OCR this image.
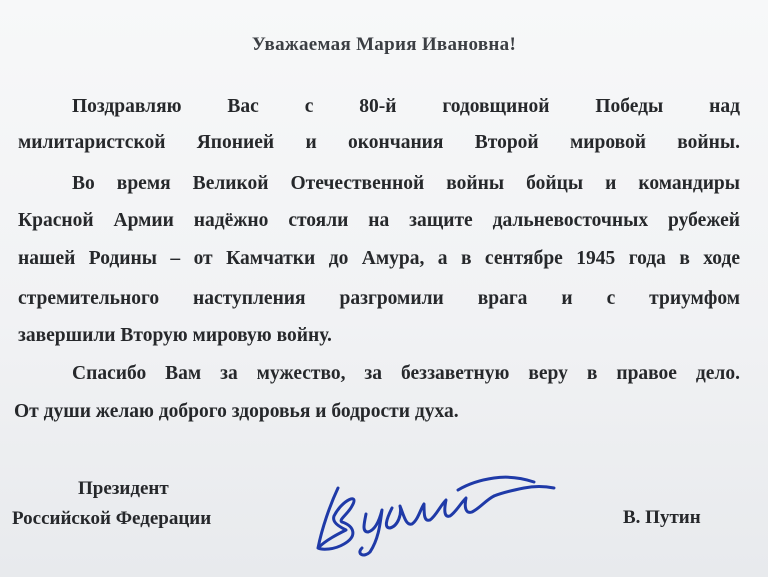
Уважаемая Мария Ивановна!
Поздравляю Вас с 80-й годовщиной Победы над
милитаристской Японией и окончания Второй мировой войны.
Во время Великой Отечественной войны бойцы и командиры
Красной Армии надёжно стояли на защите дальневосточных рубежей
нашей Родины – от Камчатки до Амура, а в сентябре 1945 года в ходе
стремительного наступления разгромили врага и с триумфом
завершили Вторую мировую войну.
Спасибо Вам за мужество, за беззаветную веру в правое дело.
От души желаю доброго здоровья и бодрости духа.
Президент
Российской Федерации	В. Путин
